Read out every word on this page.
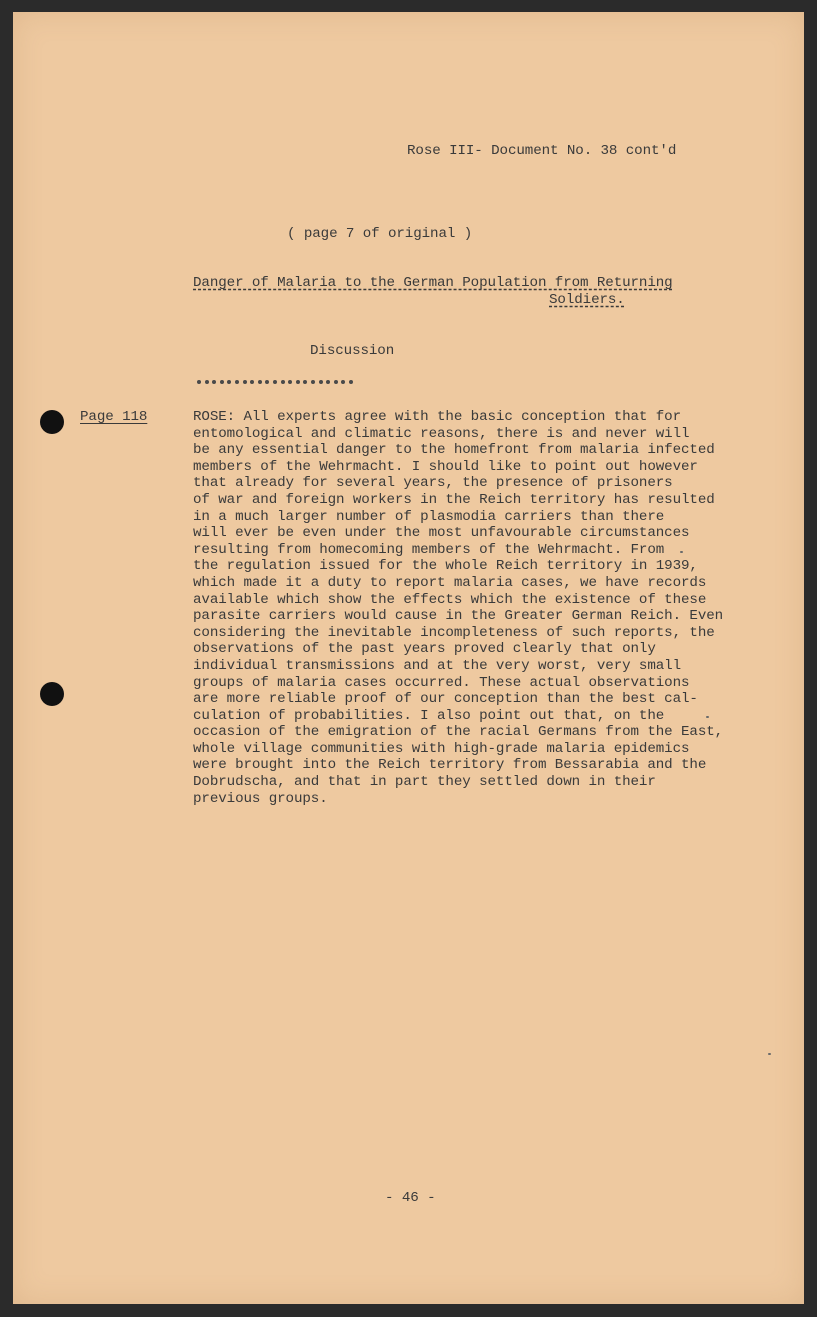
Rose III- Document No. 38 cont'd
( page 7 of original )
Danger of Malaria to the German Population from Returning
Soldiers.
Discussion
Page 118	ROSE: All experts agree with the basic conception that for
entomological and climatic reasons, there is and never will
be any essential danger to the homefront from malaria infected
members of the Wehrmacht. I should like to point out however
that already for several years, the presence of prisoners
of war and foreign workers in the Reich territory has resulted
in a much larger number of plasmodia carriers than there
will ever be even under the most unfavourable circumstances
resulting from homecoming members of the Wehrmacht. From
the regulation issued for the whole Reich territory in 1939,
which made it a duty to report malaria cases, we have records
available which show the effects which the existence of these
parasite carriers would cause in the Greater German Reich. Even
considering the inevitable incompleteness of such reports, the
observations of the past years proved clearly that only
individual transmissions and at the very worst, very small
groups of malaria cases occurred. These actual observations
are more reliable proof of our conception than the best cal-
culation of probabilities. I also point out that, on the
occasion of the emigration of the racial Germans from the East,
whole village communities with high-grade malaria epidemics
were brought into the Reich territory from Bessarabia and the
Dobrudscha, and that in part they settled down in their
previous groups.
- 46 -
